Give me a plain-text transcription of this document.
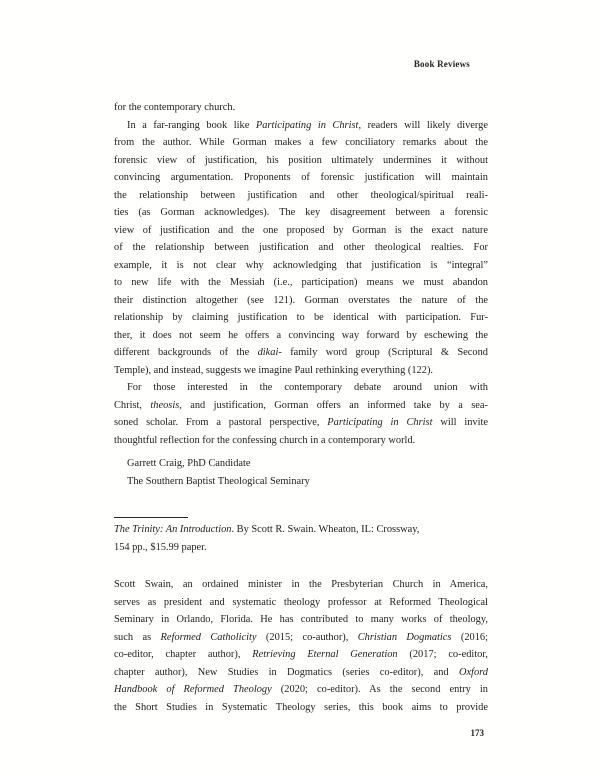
Book Reviews
for the contemporary church.
In a far-ranging book like Participating in Christ, readers will likely diverge
from the author. While Gorman makes a few conciliatory remarks about the
forensic view of justification, his position ultimately undermines it without
convincing argumentation. Proponents of forensic justification will maintain
the relationship between justification and other theological/spiritual reali-
ties (as Gorman acknowledges). The key disagreement between a forensic
view of justification and the one proposed by Gorman is the exact nature
of the relationship between justification and other theological realties. For
example, it is not clear why acknowledging that justification is “integral”
to new life with the Messiah (i.e., participation) means we must abandon
their distinction altogether (see 121). Gorman overstates the nature of the
relationship by claiming justification to be identical with participation. Fur-
ther, it does not seem he offers a convincing way forward by eschewing the
different backgrounds of the dikai- family word group (Scriptural & Second
Temple), and instead, suggests we imagine Paul rethinking everything (122).
For those interested in the contemporary debate around union with
Christ, theosis, and justification, Gorman offers an informed take by a sea-
soned scholar. From a pastoral perspective, Participating in Christ will invite
thoughtful reflection for the confessing church in a contemporary world.
Garrett Craig, PhD Candidate
The Southern Baptist Theological Seminary
The Trinity: An Introduction. By Scott R. Swain. Wheaton, IL: Crossway,
154 pp., $15.99 paper.
Scott Swain, an ordained minister in the Presbyterian Church in America,
serves as president and systematic theology professor at Reformed Theological
Seminary in Orlando, Florida. He has contributed to many works of theology,
such as Reformed Catholicity (2015; co-author), Christian Dogmatics (2016;
co-editor, chapter author), Retrieving Eternal Generation (2017; co-editor,
chapter author), New Studies in Dogmatics (series co-editor), and Oxford
Handbook of Reformed Theology (2020; co-editor). As the second entry in
the Short Studies in Systematic Theology series, this book aims to provide
173
